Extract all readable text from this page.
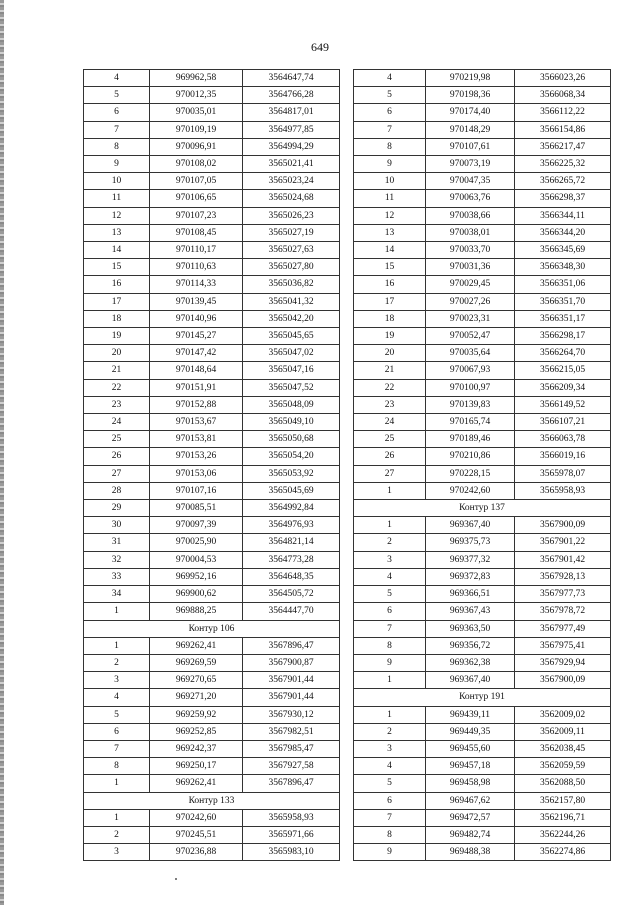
649
4	969962,58	3564647,74
5	970012,35	3564766,28
6	970035,01	3564817,01
7	970109,19	3564977,85
8	970096,91	3564994,29
9	970108,02	3565021,41
10	970107,05	3565023,24
11	970106,65	3565024,68
12	970107,23	3565026,23
13	970108,45	3565027,19
14	970110,17	3565027,63
15	970110,63	3565027,80
16	970114,33	3565036,82
17	970139,45	3565041,32
18	970140,96	3565042,20
19	970145,27	3565045,65
20	970147,42	3565047,02
21	970148,64	3565047,16
22	970151,91	3565047,52
23	970152,88	3565048,09
24	970153,67	3565049,10
25	970153,81	3565050,68
26	970153,26	3565054,20
27	970153,06	3565053,92
28	970107,16	3565045,69
29	970085,51	3564992,84
30	970097,39	3564976,93
31	970025,90	3564821,14
32	970004,53	3564773,28
33	969952,16	3564648,35
34	969900,62	3564505,72
1	969888,25	3564447,70
Контур 106		
1	969262,41	3567896,47
2	969269,59	3567900,87
3	969270,65	3567901,44
4	969271,20	3567901,44
5	969259,92	3567930,12
6	969252,85	3567982,51
7	969242,37	3567985,47
8	969250,17	3567927,58
1	969262,41	3567896,47
Контур 133		
1	970242,60	3565958,93
2	970245,51	3565971,66
3	970236,88	3565983,10
4	970219,98	3566023,26
5	970198,36	3566068,34
6	970174,40	3566112,22
7	970148,29	3566154,86
8	970107,61	3566217,47
9	970073,19	3566225,32
10	970047,35	3566265,72
11	970063,76	3566298,37
12	970038,66	3566344,11
13	970038,01	3566344,20
14	970033,70	3566345,69
15	970031,36	3566348,30
16	970029,45	3566351,06
17	970027,26	3566351,70
18	970023,31	3566351,17
19	970052,47	3566298,17
20	970035,64	3566264,70
21	970067,93	3566215,05
22	970100,97	3566209,34
23	970139,83	3566149,52
24	970165,74	3566107,21
25	970189,46	3566063,78
26	970210,86	3566019,16
27	970228,15	3565978,07
1	970242,60	3565958,93
Контур 137		
1	969367,40	3567900,09
2	969375,73	3567901,22
3	969377,32	3567901,42
4	969372,83	3567928,13
5	969366,51	3567977,73
6	969367,43	3567978,72
7	969363,50	3567977,49
8	969356,72	3567975,41
9	969362,38	3567929,94
1	969367,40	3567900,09
Контур 191		
1	969439,11	3562009,02
2	969449,35	3562009,11
3	969455,60	3562038,45
4	969457,18	3562059,59
5	969458,98	3562088,50
6	969467,62	3562157,80
7	969472,57	3562196,71
8	969482,74	3562244,26
9	969488,38	3562274,86
